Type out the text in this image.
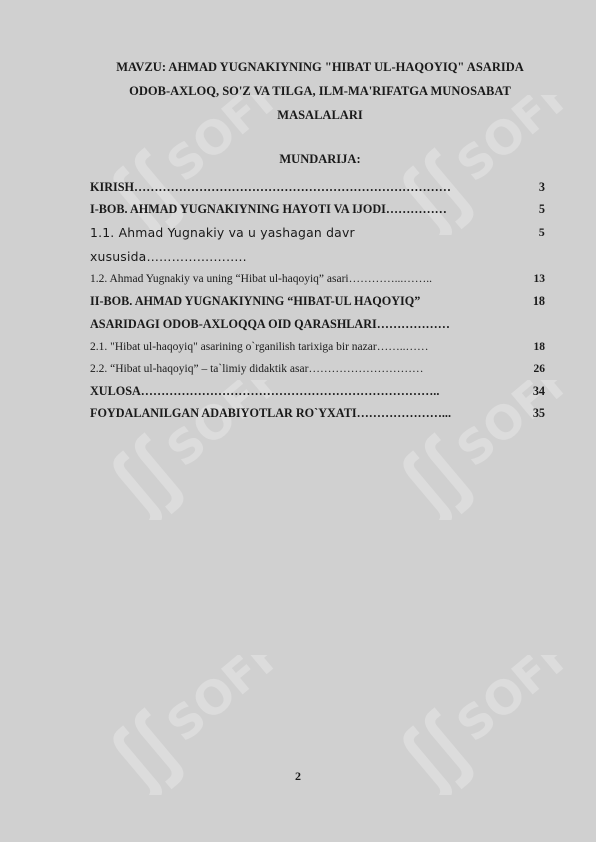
SOFF	SOFF
SOFF	SOFF
SOFF	SOFF
MAVZU: AHMAD YUGNAKIYNING "HIBAT UL-HAQOYIQ" ASARIDA
ODOB-AXLOQ, SO'Z VA TILGA, ILM-MA'RIFATGA MUNOSABAT
MASALALARI
MUNDARIJA:
KIRISH……………………………………………………………………	3
I-BOB. AHMAD YUGNAKIYNING HAYOTI VA IJODI……………	5
1.1. Ahmad Yugnakiy va u yashagan davr	5
xususida…………....……..
1.2. Ahmad Yugnakiy va uning “Hibat ul-haqoyiq” asari…………...……..	13
II-BOB. AHMAD YUGNAKIYNING “HIBAT-UL HAQOYIQ”	18
ASARIDAGI ODOB-AXLOQQA OID QARASHLARI………………
2.1. "Hibat ul-haqoyiq" asarining o`rganilish tarixiga bir nazar……..……	18
2.2. “Hibat ul-haqoyiq” – ta`limiy didaktik asar…………………………	26
XULOSA………………………………………………………………..	34
FOYDALANILGAN ADABIYOTLAR RO`YXATI…………………...	35
2
